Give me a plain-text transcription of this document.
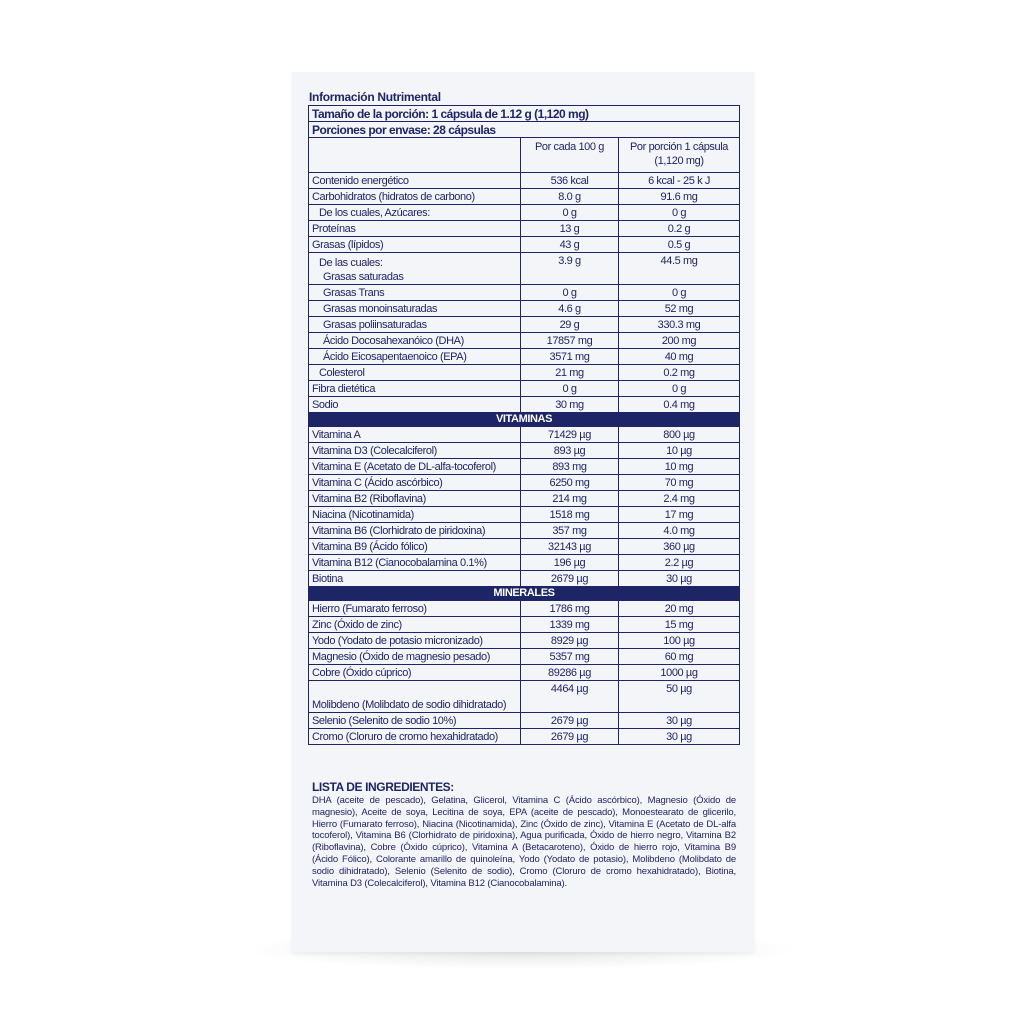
Información Nutrimental
Tamaño de la porción: 1 cápsula de 1.12 g (1,120 mg)		
Porciones por envase: 28 cápsulas		
	Por cada 100 g	Por porción 1 cápsula (1,120 mg)
Contenido energético	536 kcal	6 kcal - 25 k J
Carbohidratos (hidratos de carbono)	8.0 g	91.6 mg
De los cuales, Azúcares:	0 g	0 g
Proteínas	13 g	0.2 g
Grasas (lípidos)	43 g	0.5 g

De las cuales:
Grasas saturadas	3.9 g	44.5 mg
Grasas Trans	0 g	0 g
Grasas monoinsaturadas	4.6 g	52 mg
Grasas poliinsaturadas	29 g	330.3 mg
Ácido Docosahexanóico (DHA)	17857 mg	200 mg
Ácido Eicosapentaenoico (EPA)	3571 mg	40 mg
Colesterol	21 mg	0.2 mg
Fibra dietética	0 g	0 g
Sodio	30 mg	0.4 mg
VITAMINAS		
Vitamina A	71429 µg	800 µg
Vitamina D3 (Colecalciferol)	893 µg	10 µg
Vitamina E (Acetato de DL-alfa-tocoferol)	893 mg	10 mg
Vitamina C (Ácido ascórbico)	6250 mg	70 mg
Vitamina B2 (Riboflavina)	214 mg	2.4 mg
Niacina (Nicotinamida)	1518 mg	17 mg
Vitamina B6 (Clorhidrato de piridoxina)	357 mg	4.0 mg
Vitamina B9 (Ácido fólico)	32143 µg	360 µg
Vitamina B12 (Cianocobalamina 0.1%)	196 µg	2.2 µg
Biotina	2679 µg	30 µg
MINERALES		
Hierro (Fumarato ferroso)	1786 mg	20 mg
Zinc (Óxido de zinc)	1339 mg	15 mg
Yodo (Yodato de potasio micronizado)	8929 µg	100 µg
Magnesio (Óxido de magnesio pesado)	5357 mg	60 mg
Cobre (Óxido cúprico)	89286 µg	1000 µg
Molibdeno (Molibdato de sodio dihidratado)	4464 µg	50 µg
Selenio (Selenito de sodio 10%)	2679 µg	30 µg
Cromo (Cloruro de cromo hexahidratado)	2679 µg	30 µg
LISTA DE INGREDIENTES:

DHA (aceite de pescado), Gelatina, Glicerol, Vitamina C (Ácido ascórbico), Magnesio (Óxido de magnesio), Aceite de soya, Lecitina de soya, EPA (aceite de pescado), Monoestearato de glicerilo, Hierro (Fumarato ferroso), Niacina (Nicotinamida), Zinc (Óxido de zinc), Vitamina E (Acetato de DL-alfa tocoferol), Vitamina B6 (Clorhidrato de piridoxina), Agua purificada, Óxido de hierro negro, Vitamina B2 (Riboflavina), Cobre (Óxido cúprico), Vitamina A (Betacaroteno), Óxido de hierro rojo, Vitamina B9 (Ácido Fólico), Colorante amarillo de quinoleína, Yodo (Yodato de potasio), Molibdeno (Molibdato de sodio dihidratado), Selenio (Selenito de sodio), Cromo (Cloruro de cromo hexahidratado), Biotina, Vitamina D3 (Colecalciferol), Vitamina B12 (Cianocobalamina).
